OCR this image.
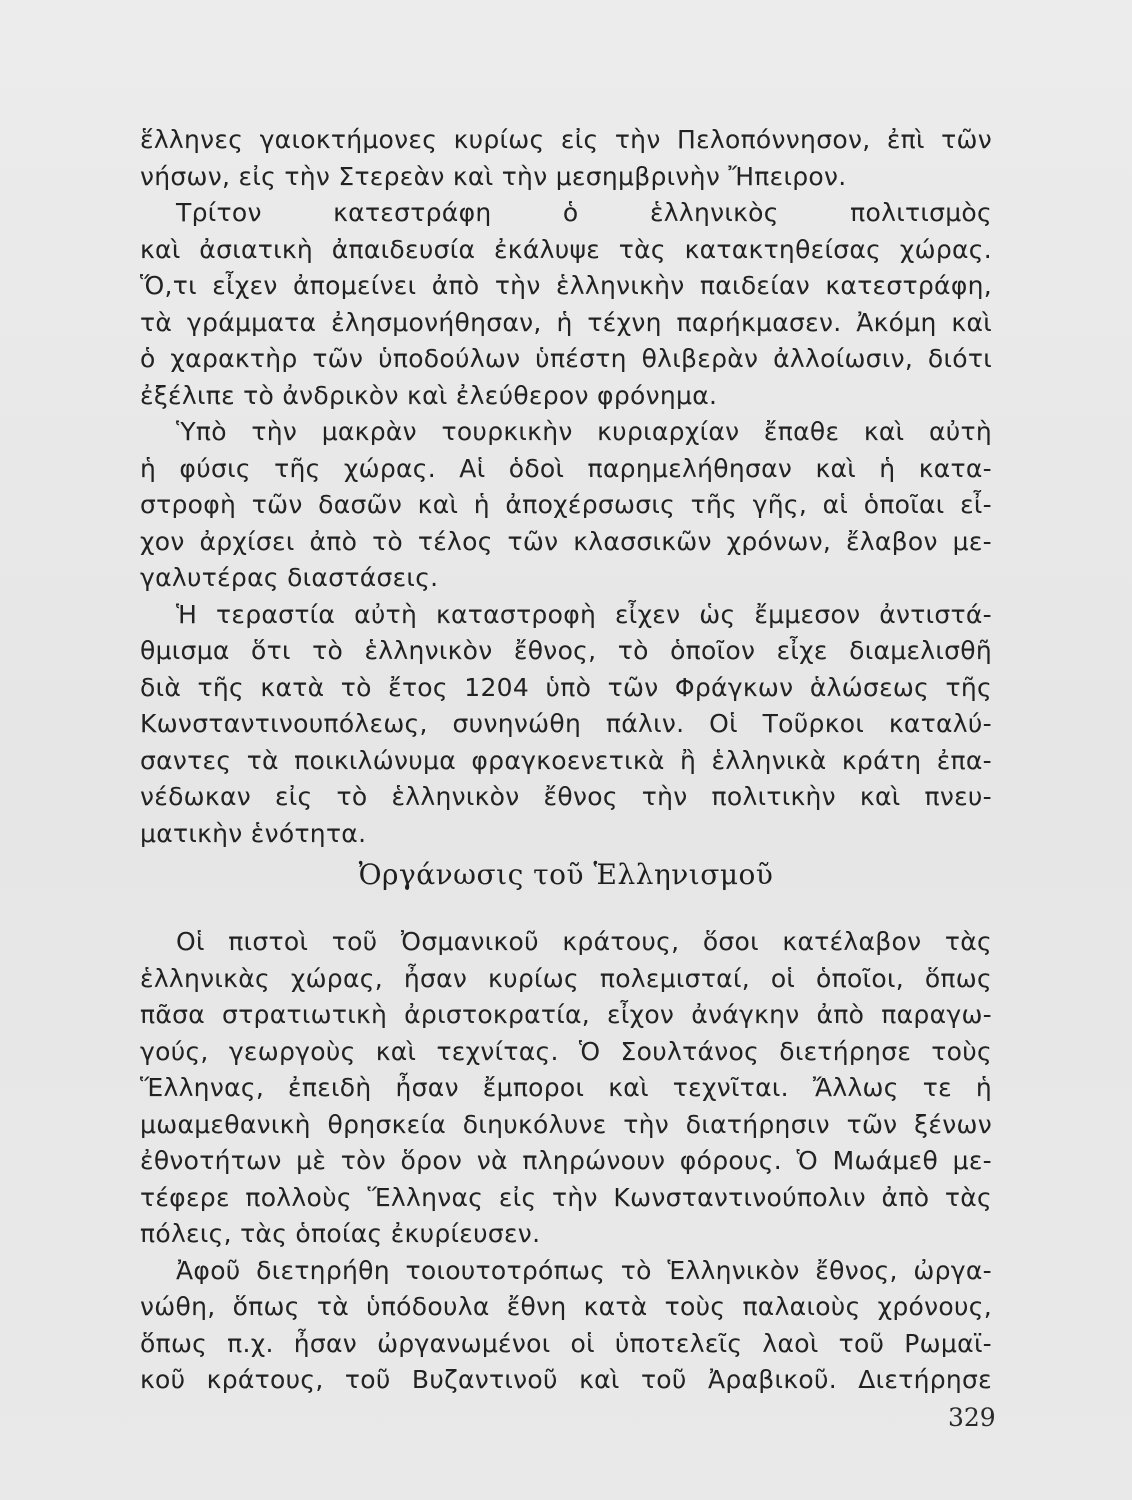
ἕλληνες γαιοκτήμονες κυρίως εἰς τὴν Πελοπόννησον, ἐπὶ τῶν
νήσων, εἰς τὴν Στερεὰν καὶ τὴν μεσημβρινὴν Ἤπειρον.
Τρίτον κατεστράφη ὁ ἑλληνικὸς πολιτισμὸς
καὶ ἀσιατικὴ ἀπαιδευσία ἐκάλυψε τὰς κατακτηθείσας χώρας.
Ὅ,τι εἶχεν ἀπομείνει ἀπὸ τὴν ἑλληνικὴν παιδείαν κατεστράφη,
τὰ γράμματα ἐλησμονήθησαν, ἡ τέχνη παρήκμασεν. Ἀκόμη καὶ
ὁ χαρακτὴρ τῶν ὑποδούλων ὑπέστη θλιβερὰν ἀλλοίωσιν, διότι
ἐξέλιπε τὸ ἀνδρικὸν καὶ ἐλεύθερον φρόνημα.
Ὑπὸ τὴν μακρὰν τουρκικὴν κυριαρχίαν ἔπαθε καὶ αὐτὴ
ἡ φύσις τῆς χώρας. Αἱ ὁδοὶ παρημελήθησαν καὶ ἡ κατα-
στροφὴ τῶν δασῶν καὶ ἡ ἀποχέρσωσις τῆς γῆς, αἱ ὁποῖαι εἶ-
χον ἀρχίσει ἀπὸ τὸ τέλος τῶν κλασσικῶν χρόνων, ἔλαβον με-
γαλυτέρας διαστάσεις.
Ἡ τεραστία αὐτὴ καταστροφὴ εἶχεν ὡς ἔμμεσον ἀντιστά-
θμισμα ὅτι τὸ ἑλληνικὸν ἔθνος, τὸ ὁποῖον εἶχε διαμελισθῆ
διὰ τῆς κατὰ τὸ ἔτος 1204 ὑπὸ τῶν Φράγκων ἁλώσεως τῆς
Κωνσταντινουπόλεως, συνηνώθη πάλιν. Οἱ Τοῦρκοι καταλύ-
σαντες τὰ ποικιλώνυμα φραγκοενετικὰ ἢ ἑλληνικὰ κράτη ἐπα-
νέδωκαν εἰς τὸ ἑλληνικὸν ἔθνος τὴν πολιτικὴν καὶ πνευ-
ματικὴν ἑνότητα.
Ὀργάνωσις τοῦ Ἑλληνισμοῦ
Οἱ πιστοὶ τοῦ Ὀσμανικοῦ κράτους, ὅσοι κατέλαβον τὰς
ἑλληνικὰς χώρας, ἦσαν κυρίως πολεμισταί, οἱ ὁποῖοι, ὅπως
πᾶσα στρατιωτικὴ ἀριστοκρατία, εἶχον ἀνάγκην ἀπὸ παραγω-
γούς, γεωργοὺς καὶ τεχνίτας. Ὁ Σουλτάνος διετήρησε τοὺς
Ἕλληνας, ἐπειδὴ ἦσαν ἔμποροι καὶ τεχνῖται. Ἄλλως τε ἡ
μωαμεθανικὴ θρησκεία διηυκόλυνε τὴν διατήρησιν τῶν ξένων
ἐθνοτήτων μὲ τὸν ὅρον νὰ πληρώνουν φόρους. Ὁ Μωάμεθ με-
τέφερε πολλοὺς Ἕλληνας εἰς τὴν Κωνσταντινούπολιν ἀπὸ τὰς
πόλεις, τὰς ὁποίας ἐκυρίευσεν.
Ἀφοῦ διετηρήθη τοιουτοτρόπως τὸ Ἑλληνικὸν ἔθνος, ὠργα-
νώθη, ὅπως τὰ ὑπόδουλα ἔθνη κατὰ τοὺς παλαιοὺς χρόνους,
ὅπως π.χ. ἦσαν ὠργανωμένοι οἱ ὑποτελεῖς λαοὶ τοῦ Ρωμαϊ-
κοῦ κράτους, τοῦ Βυζαντινοῦ καὶ τοῦ Ἀραβικοῦ. Διετήρησε
329
